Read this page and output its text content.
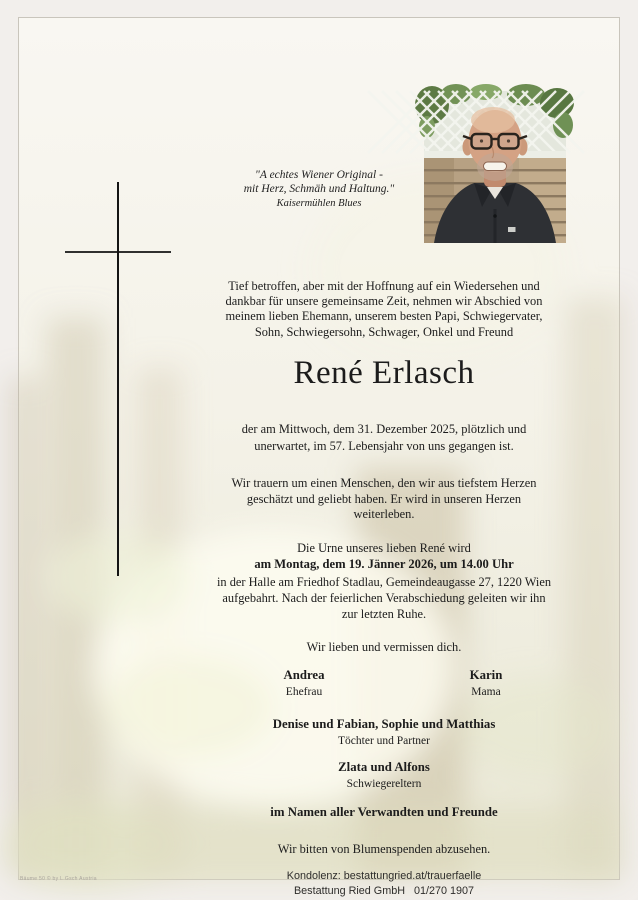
"A echtes Wiener Original -
mit Herz, Schmäh und Haltung."
Kaisermühlen Blues
Tief betroffen, aber mit der Hoffnung auf ein Wiedersehen und
dankbar für unsere gemeinsame Zeit, nehmen wir Abschied von
meinem lieben Ehemann, unserem besten Papi, Schwiegervater,
Sohn, Schwiegersohn, Schwager, Onkel und Freund
René Erlasch
der am Mittwoch, dem 31. Dezember 2025, plötzlich und
unerwartet, im 57. Lebensjahr von uns gegangen ist.
Wir trauern um einen Menschen, den wir aus tiefstem Herzen
geschätzt und geliebt haben. Er wird in unseren Herzen
weiterleben.
Die Urne unseres lieben René wird
am Montag, dem 19. Jänner 2026, um 14.00 Uhr
in der Halle am Friedhof Stadlau, Gemeindeaugasse 27, 1220 Wien
aufgebahrt. Nach der feierlichen Verabschiedung geleiten wir ihn
zur letzten Ruhe.
Wir lieben und vermissen dich.
Andrea
Ehefrau
Karin
Mama
Denise und Fabian, Sophie und Matthias
Töchter und Partner
Zlata und Alfons
Schwiegereltern
im Namen aller Verwandten und Freunde
Wir bitten von Blumenspenden abzusehen.
Kondolenz: bestattungried.at/trauerfaelle
Bestattung Ried GmbH   01/270 1907
Bäume 50 © by L.Gsch Austria
